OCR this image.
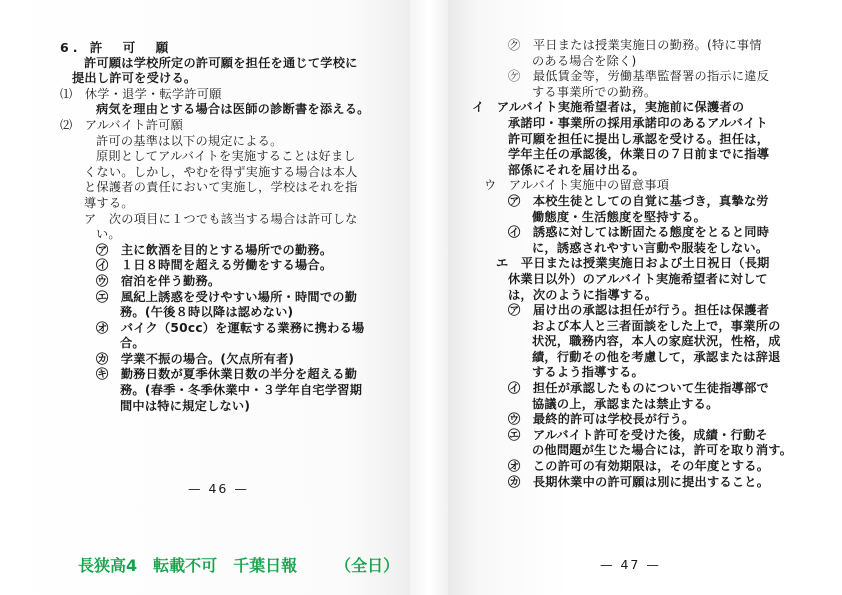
6. 許　可　願
許可願は学校所定の許可願を担任を通じて学校に
提出し許可を受ける。
⑴　休学・退学・転学許可願
病気を理由とする場合は医師の診断書を添える。
⑵　アルバイト許可願
許可の基準は以下の規定による。
原則としてアルバイトを実施することは好まし
くない。しかし，やむを得ず実施する場合は本人
と保護者の責任において実施し，学校はそれを指
導する。
ア　次の項目に１つでも該当する場合は許可しな
い。
㋐　主に飲酒を目的とする場所での勤務。
㋑　１日８時間を超える労働をする場合。
㋒　宿泊を伴う勤務。
㋓　風紀上誘惑を受けやすい場所・時間での勤
務。(午後８時以降は認めない)
㋔　バイク（50cc）を運転する業務に携わる場
合。
㋕　学業不振の場合。(欠点所有者)
㋖　勤務日数が夏季休業日数の半分を超える勤
務。(春季・冬季休業中・３学年自宅学習期
間中は特に規定しない)
㋗　平日または授業実施日の勤務。(特に事情
のある場合を除く)
㋘　最低賃金等，労働基準監督署の指示に違反
する事業所での勤務。
イ　アルバイト実施希望者は，実施前に保護者の
承諾印・事業所の採用承諾印のあるアルバイト
許可願を担任に提出し承認を受ける。担任は，
学年主任の承認後，休業日の７日前までに指導
部係にそれを届け出る。
ウ　アルバイト実施中の留意事項
㋐　本校生徒としての自覚に基づき，真摯な労
働態度・生活態度を堅持する。
㋑　誘惑に対しては断固たる態度をとると同時
に，誘惑されやすい言動や服装をしない。
エ　平日または授業実施日および土日祝日（長期
休業日以外）のアルバイト実施希望者に対して
は，次のように指導する。
㋐　届け出の承認は担任が行う。担任は保護者
および本人と三者面談をした上で，事業所の
状況，職務内容，本人の家庭状況，性格，成
績，行動その他を考慮して，承認または辞退
するよう指導する。
㋑　担任が承認したものについて生徒指導部で
協議の上，承認または禁止する。
㋒　最終的許可は学校長が行う。
㋓　アルバイト許可を受けた後，成績・行動そ
の他問題が生じた場合には，許可を取り消す。
㋔　この許可の有効期限は，その年度とする。
㋕　長期休業中の許可願は別に提出すること。
— 46 —
— 47 —
長狭高4　転載不可　千葉日報 （全日）
